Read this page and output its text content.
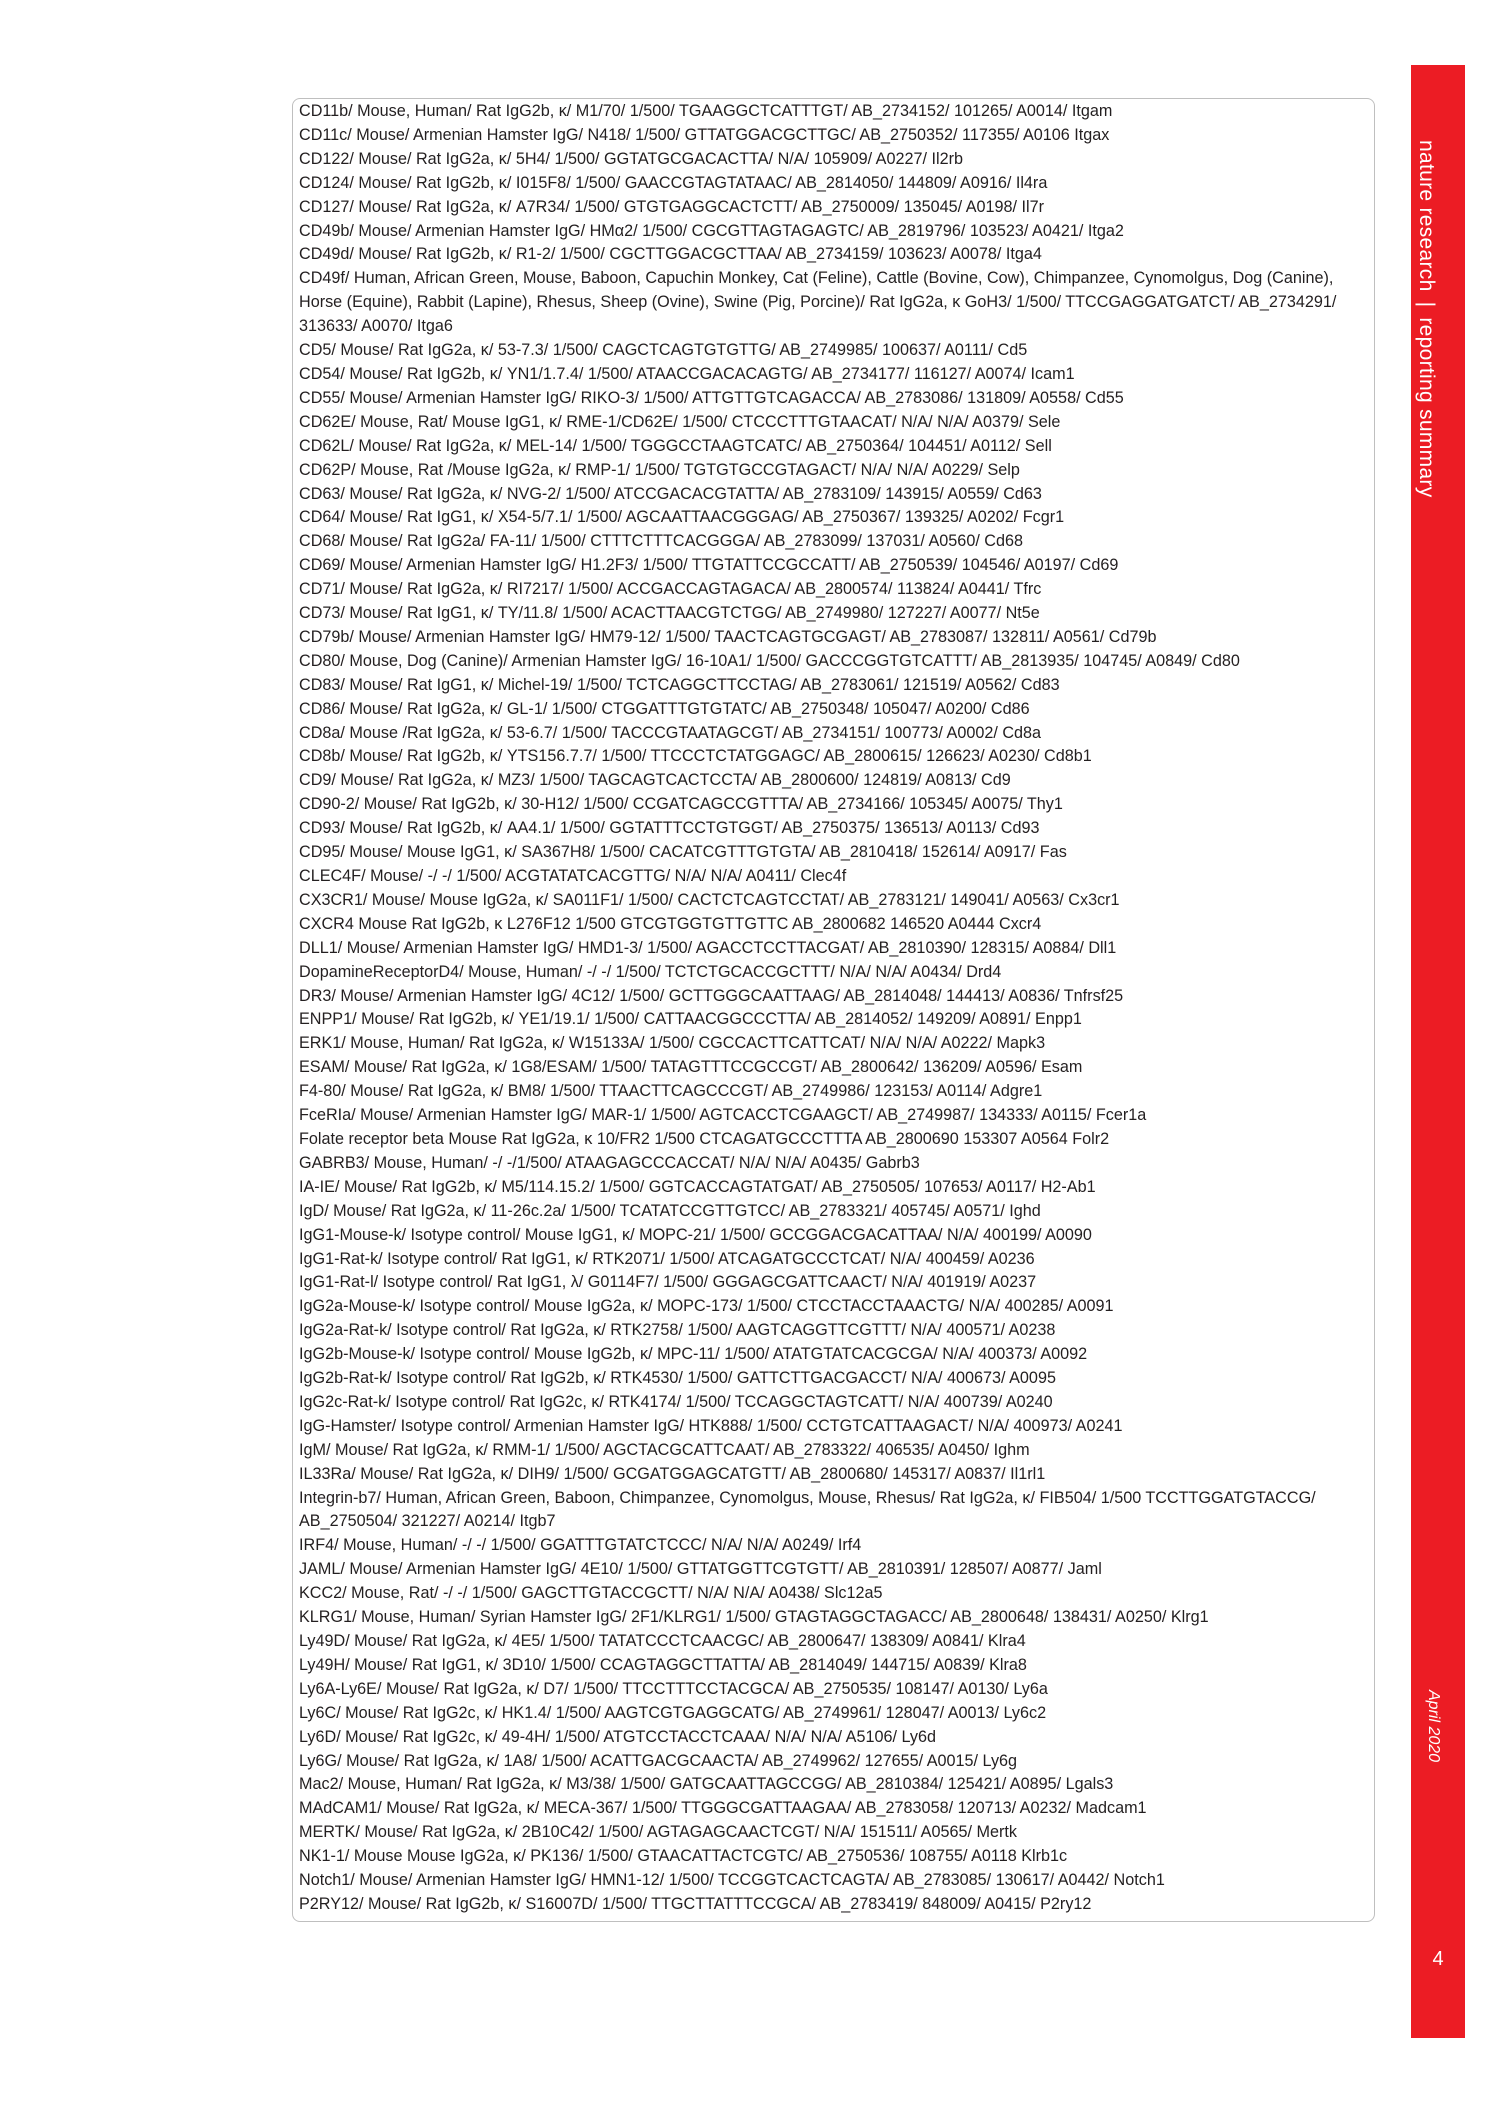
CD11b/ Mouse, Human/ Rat IgG2b, κ/ M1/70/ 1/500/ TGAAGGCTCATTTGT/ AB_2734152/ 101265/ A0014/ Itgam
CD11c/ Mouse/ Armenian Hamster IgG/ N418/ 1/500/ GTTATGGACGCTTGC/ AB_2750352/ 117355/ A0106 Itgax
CD122/ Mouse/ Rat IgG2a, κ/ 5H4/ 1/500/ GGTATGCGACACTTA/ N/A/ 105909/ A0227/ Il2rb
CD124/ Mouse/ Rat IgG2b, κ/ I015F8/ 1/500/ GAACCGTAGTATAAC/ AB_2814050/ 144809/ A0916/ Il4ra
CD127/ Mouse/ Rat IgG2a, κ/ A7R34/ 1/500/ GTGTGAGGCACTCTT/ AB_2750009/ 135045/ A0198/ Il7r
CD49b/ Mouse/ Armenian Hamster IgG/ HMα2/ 1/500/ CGCGTTAGTAGAGTC/ AB_2819796/ 103523/ A0421/ Itga2
CD49d/ Mouse/ Rat IgG2b, κ/ R1-2/ 1/500/ CGCTTGGACGCTTAA/ AB_2734159/ 103623/ A0078/ Itga4
CD49f/ Human, African Green, Mouse, Baboon, Capuchin Monkey, Cat (Feline), Cattle (Bovine, Cow), Chimpanzee, Cynomolgus, Dog (Canine), Horse (Equine), Rabbit (Lapine), Rhesus, Sheep (Ovine), Swine (Pig, Porcine)/ Rat IgG2a, κ GoH3/ 1/500/ TTCCGAGGATGATCT/ AB_2734291/ 313633/ A0070/ Itga6
CD5/ Mouse/ Rat IgG2a, κ/ 53-7.3/ 1/500/ CAGCTCAGTGTGTTG/ AB_2749985/ 100637/ A0111/ Cd5
CD54/ Mouse/ Rat IgG2b, κ/ YN1/1.7.4/ 1/500/ ATAACCGACACAGTG/ AB_2734177/ 116127/ A0074/ Icam1
CD55/ Mouse/ Armenian Hamster IgG/ RIKO-3/ 1/500/ ATTGTTGTCAGACCA/ AB_2783086/ 131809/ A0558/ Cd55
CD62E/ Mouse, Rat/ Mouse IgG1, κ/ RME-1/CD62E/ 1/500/ CTCCCTTTGTAACAT/ N/A/ N/A/ A0379/ Sele
CD62L/ Mouse/ Rat IgG2a, κ/ MEL-14/ 1/500/ TGGGCCTAAGTCATC/ AB_2750364/ 104451/ A0112/ Sell
CD62P/ Mouse, Rat /Mouse IgG2a, κ/ RMP-1/ 1/500/ TGTGTGCCGTAGACT/ N/A/ N/A/ A0229/ Selp
CD63/ Mouse/ Rat IgG2a, κ/ NVG-2/ 1/500/ ATCCGACACGTATTA/ AB_2783109/ 143915/ A0559/ Cd63
CD64/ Mouse/ Rat IgG1, κ/ X54-5/7.1/ 1/500/ AGCAATTAACGGGAG/ AB_2750367/ 139325/ A0202/ Fcgr1
CD68/ Mouse/ Rat IgG2a/ FA-11/ 1/500/ CTTTCTTTCACGGGA/ AB_2783099/ 137031/ A0560/ Cd68
CD69/ Mouse/ Armenian Hamster IgG/ H1.2F3/ 1/500/ TTGTATTCCGCCATT/ AB_2750539/ 104546/ A0197/ Cd69
CD71/ Mouse/ Rat IgG2a, κ/ RI7217/ 1/500/ ACCGACCAGTAGACA/ AB_2800574/ 113824/ A0441/ Tfrc
CD73/ Mouse/ Rat IgG1, κ/ TY/11.8/ 1/500/ ACACTTAACGTCTGG/ AB_2749980/ 127227/ A0077/ Nt5e
CD79b/ Mouse/ Armenian Hamster IgG/ HM79-12/ 1/500/ TAACTCAGTGCGAGT/ AB_2783087/ 132811/ A0561/ Cd79b
CD80/ Mouse, Dog (Canine)/ Armenian Hamster IgG/ 16-10A1/ 1/500/ GACCCGGTGTCATTT/ AB_2813935/ 104745/ A0849/ Cd80
CD83/ Mouse/ Rat IgG1, κ/ Michel-19/ 1/500/ TCTCAGGCTTCCTAG/ AB_2783061/ 121519/ A0562/ Cd83
CD86/ Mouse/ Rat IgG2a, κ/ GL-1/ 1/500/ CTGGATTTGTGTATC/ AB_2750348/ 105047/ A0200/ Cd86
CD8a/ Mouse /Rat IgG2a, κ/ 53-6.7/ 1/500/ TACCCGTAATAGCGT/ AB_2734151/ 100773/ A0002/ Cd8a
CD8b/ Mouse/ Rat IgG2b, κ/ YTS156.7.7/ 1/500/ TTCCCTCTATGGAGC/ AB_2800615/ 126623/ A0230/ Cd8b1
CD9/ Mouse/ Rat IgG2a, κ/ MZ3/ 1/500/ TAGCAGTCACTCCTA/ AB_2800600/ 124819/ A0813/ Cd9
CD90-2/ Mouse/ Rat IgG2b, κ/ 30-H12/ 1/500/ CCGATCAGCCGTTTA/ AB_2734166/ 105345/ A0075/ Thy1
CD93/ Mouse/ Rat IgG2b, κ/ AA4.1/ 1/500/ GGTATTTCCTGTGGT/ AB_2750375/ 136513/ A0113/ Cd93
CD95/ Mouse/ Mouse IgG1, κ/ SA367H8/ 1/500/ CACATCGTTTGTGTA/ AB_2810418/ 152614/ A0917/ Fas
CLEC4F/ Mouse/ -/ -/ 1/500/ ACGTATATCACGTTG/ N/A/ N/A/ A0411/ Clec4f
CX3CR1/ Mouse/ Mouse IgG2a, κ/ SA011F1/ 1/500/ CACTCTCAGTCCTAT/ AB_2783121/ 149041/ A0563/ Cx3cr1
CXCR4 Mouse Rat IgG2b, κ L276F12 1/500 GTCGTGGTGTTGTTC AB_2800682 146520 A0444 Cxcr4
DLL1/ Mouse/ Armenian Hamster IgG/ HMD1-3/ 1/500/ AGACCTCCTTACGAT/ AB_2810390/ 128315/ A0884/ Dll1
DopamineReceptorD4/ Mouse, Human/ -/ -/ 1/500/ TCTCTGCACCGCTTT/ N/A/ N/A/ A0434/ Drd4
DR3/ Mouse/ Armenian Hamster IgG/ 4C12/ 1/500/ GCTTGGGCAATTAAG/ AB_2814048/ 144413/ A0836/ Tnfrsf25
ENPP1/ Mouse/ Rat IgG2b, κ/ YE1/19.1/ 1/500/ CATTAACGGCCCTTA/ AB_2814052/ 149209/ A0891/ Enpp1
ERK1/ Mouse, Human/ Rat IgG2a, κ/ W15133A/ 1/500/ CGCCACTTCATTCAT/ N/A/ N/A/ A0222/ Mapk3
ESAM/ Mouse/ Rat IgG2a, κ/ 1G8/ESAM/ 1/500/ TATAGTTTCCGCCGT/ AB_2800642/ 136209/ A0596/ Esam
F4-80/ Mouse/ Rat IgG2a, κ/ BM8/ 1/500/ TTAACTTCAGCCCGT/ AB_2749986/ 123153/ A0114/ Adgre1
FceRIa/ Mouse/ Armenian Hamster IgG/ MAR-1/ 1/500/ AGTCACCTCGAAGCT/ AB_2749987/ 134333/ A0115/ Fcer1a
Folate receptor beta Mouse Rat IgG2a, κ 10/FR2 1/500 CTCAGATGCCCTTTA AB_2800690 153307 A0564 Folr2
GABRB3/ Mouse, Human/ -/ -/1/500/ ATAAGAGCCCACCAT/ N/A/ N/A/ A0435/ Gabrb3
IA-IE/ Mouse/ Rat IgG2b, κ/ M5/114.15.2/ 1/500/ GGTCACCAGTATGAT/ AB_2750505/ 107653/ A0117/ H2-Ab1
IgD/ Mouse/ Rat IgG2a, κ/ 11-26c.2a/ 1/500/ TCATATCCGTTGTCC/ AB_2783321/ 405745/ A0571/ Ighd
IgG1-Mouse-k/ Isotype control/ Mouse IgG1, κ/ MOPC-21/ 1/500/ GCCGGACGACATTAA/ N/A/ 400199/ A0090
IgG1-Rat-k/ Isotype control/ Rat IgG1, κ/ RTK2071/ 1/500/ ATCAGATGCCCTCAT/ N/A/ 400459/ A0236
IgG1-Rat-l/ Isotype control/ Rat IgG1, λ/ G0114F7/ 1/500/ GGGAGCGATTCAACT/ N/A/ 401919/ A0237
IgG2a-Mouse-k/ Isotype control/ Mouse IgG2a, κ/ MOPC-173/ 1/500/ CTCCTACCTAAACTG/ N/A/ 400285/ A0091
IgG2a-Rat-k/ Isotype control/ Rat IgG2a, κ/ RTK2758/ 1/500/ AAGTCAGGTTCGTTT/ N/A/ 400571/ A0238
IgG2b-Mouse-k/ Isotype control/ Mouse IgG2b, κ/ MPC-11/ 1/500/ ATATGTATCACGCGA/ N/A/ 400373/ A0092
IgG2b-Rat-k/ Isotype control/ Rat IgG2b, κ/ RTK4530/ 1/500/ GATTCTTGACGACCT/ N/A/ 400673/ A0095
IgG2c-Rat-k/ Isotype control/ Rat IgG2c, κ/ RTK4174/ 1/500/ TCCAGGCTAGTCATT/ N/A/ 400739/ A0240
IgG-Hamster/ Isotype control/ Armenian Hamster IgG/ HTK888/ 1/500/ CCTGTCATTAAGACT/ N/A/ 400973/ A0241
IgM/ Mouse/ Rat IgG2a, κ/ RMM-1/ 1/500/ AGCTACGCATTCAAT/ AB_2783322/ 406535/ A0450/ Ighm
IL33Ra/ Mouse/ Rat IgG2a, κ/ DIH9/ 1/500/ GCGATGGAGCATGTT/ AB_2800680/ 145317/ A0837/ Il1rl1
Integrin-b7/ Human, African Green, Baboon, Chimpanzee, Cynomolgus, Mouse, Rhesus/ Rat IgG2a, κ/ FIB504/ 1/500 TCCTTGGATGTACCG/ AB_2750504/ 321227/ A0214/ Itgb7
IRF4/ Mouse, Human/ -/ -/ 1/500/ GGATTTGTATCTCCC/ N/A/ N/A/ A0249/ Irf4
JAML/ Mouse/ Armenian Hamster IgG/ 4E10/ 1/500/ GTTATGGTTCGTGTT/ AB_2810391/ 128507/ A0877/ Jaml
KCC2/ Mouse, Rat/ -/ -/ 1/500/ GAGCTTGTACCGCTT/ N/A/ N/A/ A0438/ Slc12a5
KLRG1/ Mouse, Human/ Syrian Hamster IgG/ 2F1/KLRG1/ 1/500/ GTAGTAGGCTAGACC/ AB_2800648/ 138431/ A0250/ Klrg1
Ly49D/ Mouse/ Rat IgG2a, κ/ 4E5/ 1/500/ TATATCCCTCAACGC/ AB_2800647/ 138309/ A0841/ Klra4
Ly49H/ Mouse/ Rat IgG1, κ/ 3D10/ 1/500/ CCAGTAGGCTTATTA/ AB_2814049/ 144715/ A0839/ Klra8
Ly6A-Ly6E/ Mouse/ Rat IgG2a, κ/ D7/ 1/500/ TTCCTTTCCTACGCA/ AB_2750535/ 108147/ A0130/ Ly6a
Ly6C/ Mouse/ Rat IgG2c, κ/ HK1.4/ 1/500/ AAGTCGTGAGGCATG/ AB_2749961/ 128047/ A0013/ Ly6c2
Ly6D/ Mouse/ Rat IgG2c, κ/ 49-4H/ 1/500/ ATGTCCTACCTCAAA/ N/A/ N/A/ A5106/ Ly6d
Ly6G/ Mouse/ Rat IgG2a, κ/ 1A8/ 1/500/ ACATTGACGCAACTA/ AB_2749962/ 127655/ A0015/ Ly6g
Mac2/ Mouse, Human/ Rat IgG2a, κ/ M3/38/ 1/500/ GATGCAATTAGCCGG/ AB_2810384/ 125421/ A0895/ Lgals3
MAdCAM1/ Mouse/ Rat IgG2a, κ/ MECA-367/ 1/500/ TTGGGCGATTAAGAA/ AB_2783058/ 120713/ A0232/ Madcam1
MERTK/ Mouse/ Rat IgG2a, κ/ 2B10C42/ 1/500/ AGTAGAGCAACTCGT/ N/A/ 151511/ A0565/ Mertk
NK1-1/ Mouse Mouse IgG2a, κ/ PK136/ 1/500/ GTAACATTACTCGTC/ AB_2750536/ 108755/ A0118 Klrb1c
Notch1/ Mouse/ Armenian Hamster IgG/ HMN1-12/ 1/500/ TCCGGTCACTCAGTA/ AB_2783085/ 130617/ A0442/ Notch1
P2RY12/ Mouse/ Rat IgG2b, κ/ S16007D/ 1/500/ TTGCTTATTTCCGCA/ AB_2783419/ 848009/ A0415/ P2ry12
nature research|reporting summary
April 2020
4
